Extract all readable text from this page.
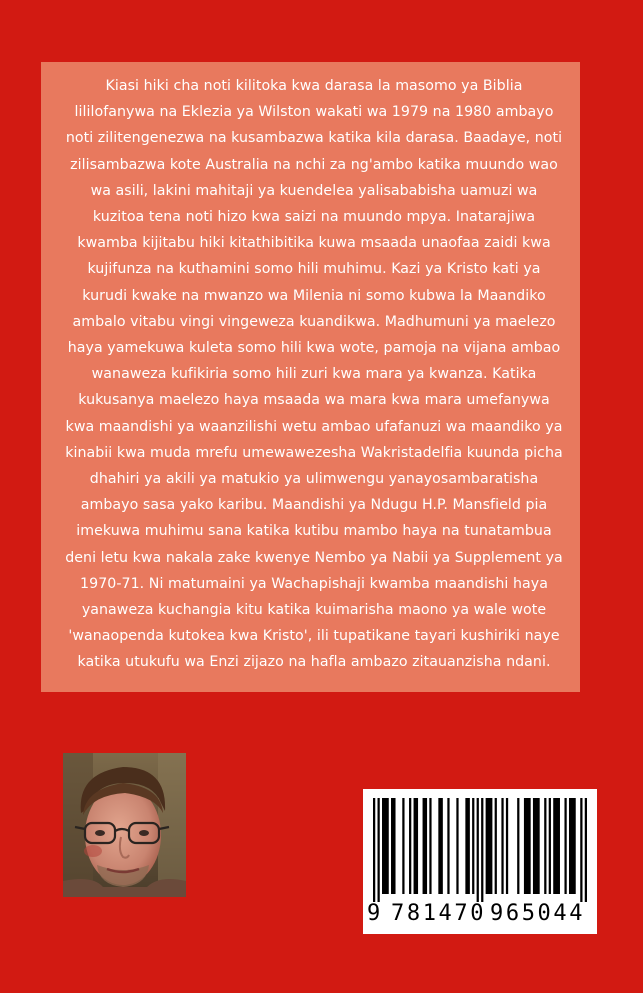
Kiasi hiki cha noti kilitoka kwa darasa la masomo ya Biblia lililofanywa na Eklezia ya Wilston wakati wa 1979 na 1980 ambayo noti zilitengenezwa na kusambazwa katika kila darasa. Baadaye, noti zilisambazwa kote Australia na nchi za ng'ambo katika muundo wao wa asili, lakini mahitaji ya kuendelea yalisababisha uamuzi wa kuzitoa tena noti hizo kwa saizi na muundo mpya. Inatarajiwa kwamba kijitabu hiki kitathibitika kuwa msaada unaofaa zaidi kwa kujifunza na kuthamini somo hili muhimu. Kazi ya Kristo kati ya kurudi kwake na mwanzo wa Milenia ni somo kubwa la Maandiko ambalo vitabu vingi vingeweza kuandikwa. Madhumuni ya maelezo haya yamekuwa kuleta somo hili kwa wote, pamoja na vijana ambao wanaweza kufikiria somo hili zuri kwa mara ya kwanza. Katika kukusanya maelezo haya msaada wa mara kwa mara umefanywa kwa maandishi ya waanzilishi wetu ambao ufafanuzi wa maandiko ya kinabii kwa muda mrefu umewawezesha Wakristadelfia kuunda picha dhahiri ya akili ya matukio ya ulimwengu yanayosambaratisha ambayo sasa yako karibu. Maandishi ya Ndugu H.P. Mansfield pia imekuwa muhimu sana katika kutibu mambo haya na tunatambua deni letu kwa nakala zake kwenye Nembo ya Nabii ya Supplement ya 1970-71. Ni matumaini ya Wachapishaji kwamba maandishi haya yanaweza kuchangia kitu katika kuimarisha maono ya wale wote 'wanaopenda kutokea kwa Kristo', ili tupatikane tayari kushiriki naye katika utukufu wa Enzi zijazo na hafla ambazo zitauanzisha ndani.

9 781470 965044
